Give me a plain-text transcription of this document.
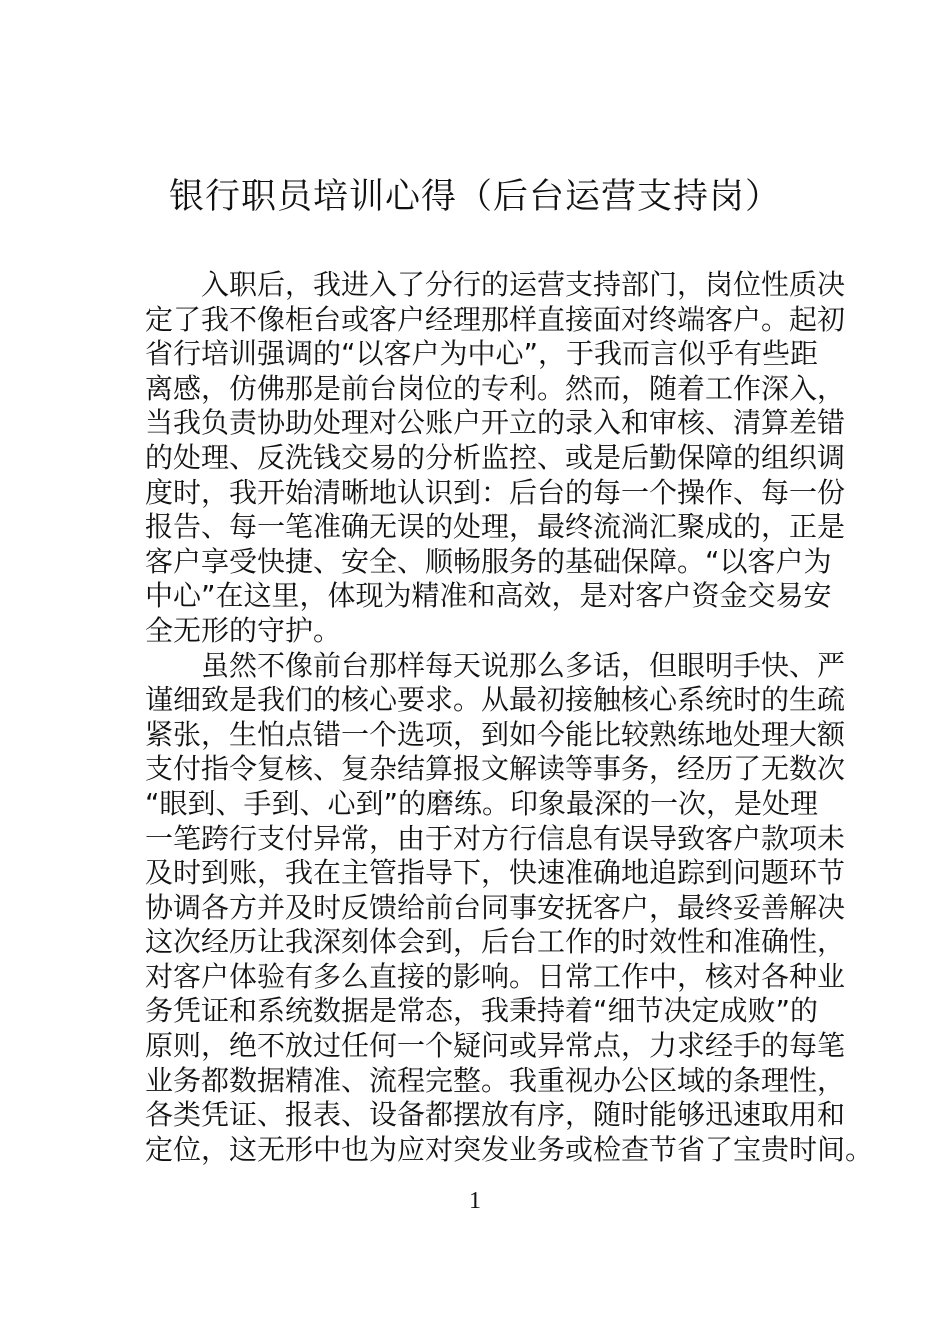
银行职员培训心得（后台运营支持岗）
入职后，我进入了分行的运营支持部门，岗位性质决
定了我不像柜台或客户经理那样直接面对终端客户。起初
省行培训强调的“以客户为中心”，于我而言似乎有些距
离感，仿佛那是前台岗位的专利。然而，随着工作深入，
当我负责协助处理对公账户开立的录入和审核、清算差错
的处理、反洗钱交易的分析监控、或是后勤保障的组织调
度时，我开始清晰地认识到：后台的每一个操作、每一份
报告、每一笔准确无误的处理，最终流淌汇聚成的，正是
客户享受快捷、安全、顺畅服务的基础保障。“以客户为
中心”在这里，体现为精准和高效，是对客户资金交易安
全无形的守护。
虽然不像前台那样每天说那么多话，但眼明手快、严
谨细致是我们的核心要求。从最初接触核心系统时的生疏
紧张，生怕点错一个选项，到如今能比较熟练地处理大额
支付指令复核、复杂结算报文解读等事务，经历了无数次
“眼到、手到、心到”的磨练。印象最深的一次，是处理
一笔跨行支付异常，由于对方行信息有误导致客户款项未
及时到账，我在主管指导下，快速准确地追踪到问题环节
协调各方并及时反馈给前台同事安抚客户，最终妥善解决
这次经历让我深刻体会到，后台工作的时效性和准确性，
对客户体验有多么直接的影响。日常工作中，核对各种业
务凭证和系统数据是常态，我秉持着“细节决定成败”的
原则，绝不放过任何一个疑问或异常点，力求经手的每笔
业务都数据精准、流程完整。我重视办公区域的条理性，
各类凭证、报表、设备都摆放有序，随时能够迅速取用和
定位，这无形中也为应对突发业务或检查节省了宝贵时间。
1
